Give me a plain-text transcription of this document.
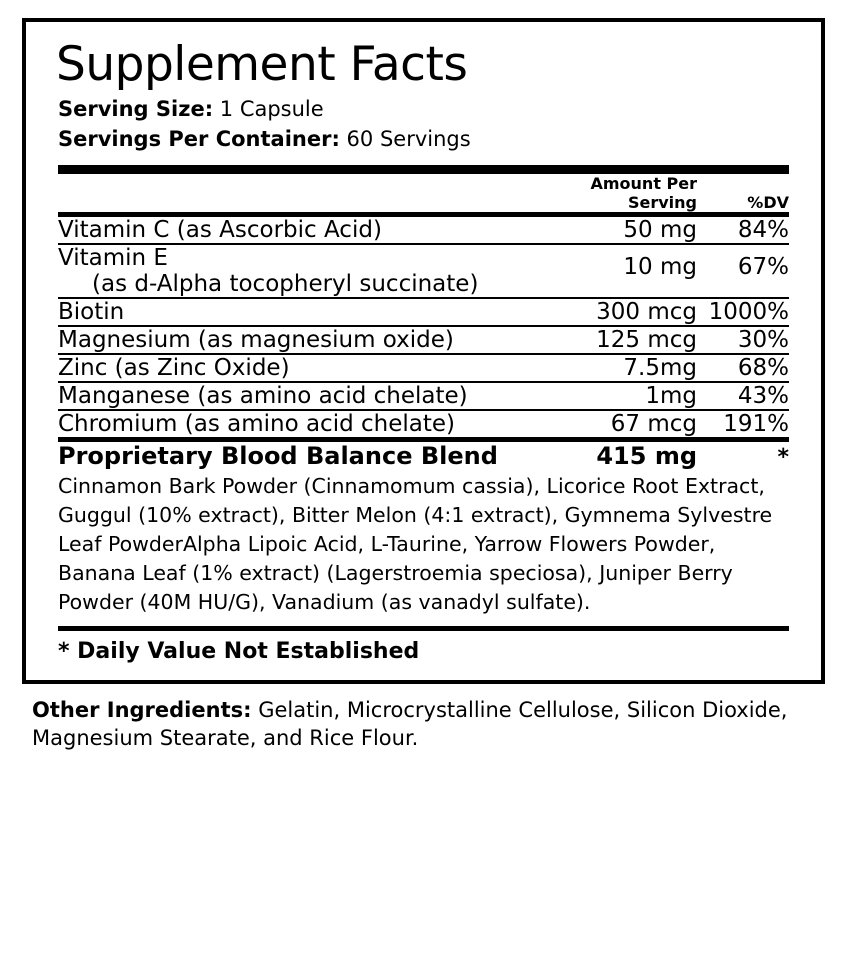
Supplement Facts
Serving Size: 1 Capsule
Servings Per Container: 60 Servings
	Amount Per Serving	%DV
Vitamin C (as Ascorbic Acid)	50 mg	84%

Vitamin E
(as d-Alpha tocopheryl succinate)	10 mg	67%

Biotin	300 mcg	1000%

Magnesium (as magnesium oxide)	125 mcg	30%

Zinc (as Zinc Oxide)	7.5mg	68%

Manganese (as amino acid chelate)	1mg	43%

Chromium (as amino acid chelate)	67 mcg	191%
Proprietary Blood Balance Blend	415 mg	*
Cinnamon Bark Powder (Cinnamomum cassia), Licorice Root Extract, Guggul (10% extract), Bitter Melon (4:1 extract), Gymnema Sylvestre Leaf PowderAlpha Lipoic Acid, L-Taurine, Yarrow Flowers Powder, Banana Leaf (1% extract) (Lagerstroemia speciosa), Juniper Berry Powder (40M HU/G), Vanadium (as vanadyl sulfate).
* Daily Value Not Established
Other Ingredients: Gelatin, Microcrystalline Cellulose, Silicon Dioxide, Magnesium Stearate, and Rice Flour.
